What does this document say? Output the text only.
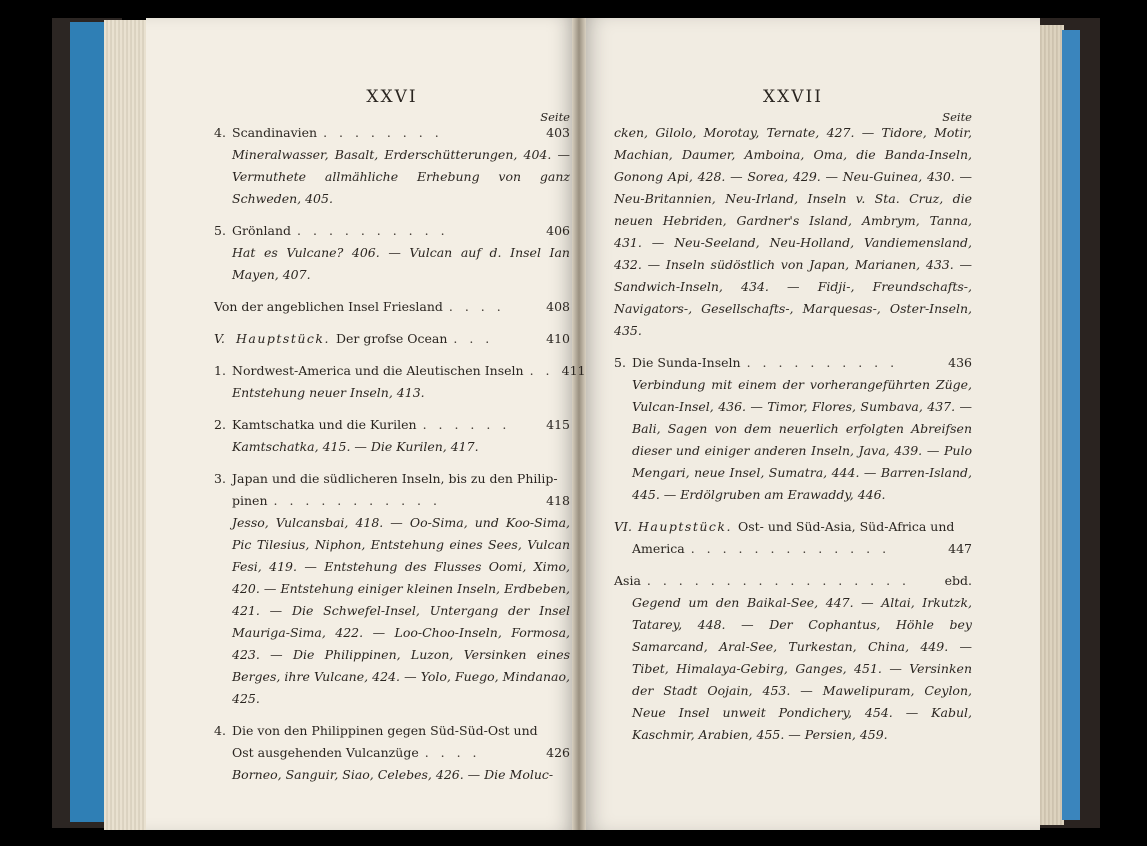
XXVI
Seite
4. Scandinavien . . . . . . . .	403
Mineralwasser, Basalt, Erderschütterungen, 404. — Vermuthete allmähliche Erhebung von ganz Schweden, 405.
5. Grönland . . . . . . . . . .	406
Hat es Vulcane? 406. — Vulcan auf d. Insel Ian Mayen, 407.
Von der angeblichen Insel Friesland . . . .	408
V. Hauptstück. Der grofse Ocean . . .	410
1. Nordwest-America und die Aleutischen Inseln . . 411
Entstehung neuer Inseln, 413.
2. Kamtschatka und die Kurilen . . . . . .	415
Kamtschatka, 415. — Die Kurilen, 417.
3. Japan und die südlicheren Inseln, bis zu den Philip-
pinen . . . . . . . . . . .	418
Jesso, Vulcansbai, 418. — Oo-Sima, und Koo-Sima, Pic Tilesius, Niphon, Entstehung eines Sees, Vulcan Fesi, 419. — Entstehung des Flusses Oomi, Ximo, 420. — Entstehung einiger kleinen Inseln, Erdbeben, 421. — Die Schwefel-Insel, Untergang der Insel Mauriga-Sima, 422. — Loo-Choo-Inseln, Formosa, 423. — Die Philippinen, Luzon, Versinken eines Berges, ihre Vulcane, 424. — Yolo, Fuego, Mindanao, 425.
4. Die von den Philippinen gegen Süd-Süd-Ost und
Ost ausgehenden Vulcanzüge . . . .	426
Borneo, Sanguir, Siao, Celebes, 426. — Die Moluc-
XXVII
Seite
cken, Gilolo, Morotay, Ternate, 427. — Tidore, Motir, Machian, Daumer, Amboina, Oma, die Banda-Inseln, Gonong Api, 428. — Sorea, 429. — Neu-Guinea, 430. — Neu-Britannien, Neu-Irland, Inseln v. Sta. Cruz, die neuen Hebriden, Gardner's Island, Ambrym, Tanna, 431. — Neu-Seeland, Neu-Holland, Vandiemensland, 432. — Inseln südöstlich von Japan, Marianen, 433. — Sandwich-Inseln, 434. — Fidji-, Freundschafts-, Navigators-, Gesellschafts-, Marquesas-, Oster-Inseln, 435.
5. Die Sunda-Inseln . . . . . . . . . .	436
Verbindung mit einem der vorherangeführten Züge, Vulcan-Insel, 436. — Timor, Flores, Sumbava, 437. — Bali, Sagen von dem neuerlich erfolgten Abreifsen dieser und einiger anderen Inseln, Java, 439. — Pulo Mengari, neue Insel, Sumatra, 444. — Barren-Island, 445. — Erdölgruben am Erawaddy, 446.
VI. Hauptstück. Ost- und Süd-Asia, Süd-Africa und
America . . . . . . . . . . . . .	447
Asia . . . . . . . . . . . . . . . . .	ebd.
Gegend um den Baikal-See, 447. — Altai, Irkutzk, Tatarey, 448. — Der Cophantus, Höhle bey Samarcand, Aral-See, Turkestan, China, 449. — Tibet, Himalaya-Gebirg, Ganges, 451. — Versinken der Stadt Oojain, 453. — Mawelipuram, Ceylon, Neue Insel unweit Pondichery, 454. — Kabul, Kaschmir, Arabien, 455. — Persien, 459.
